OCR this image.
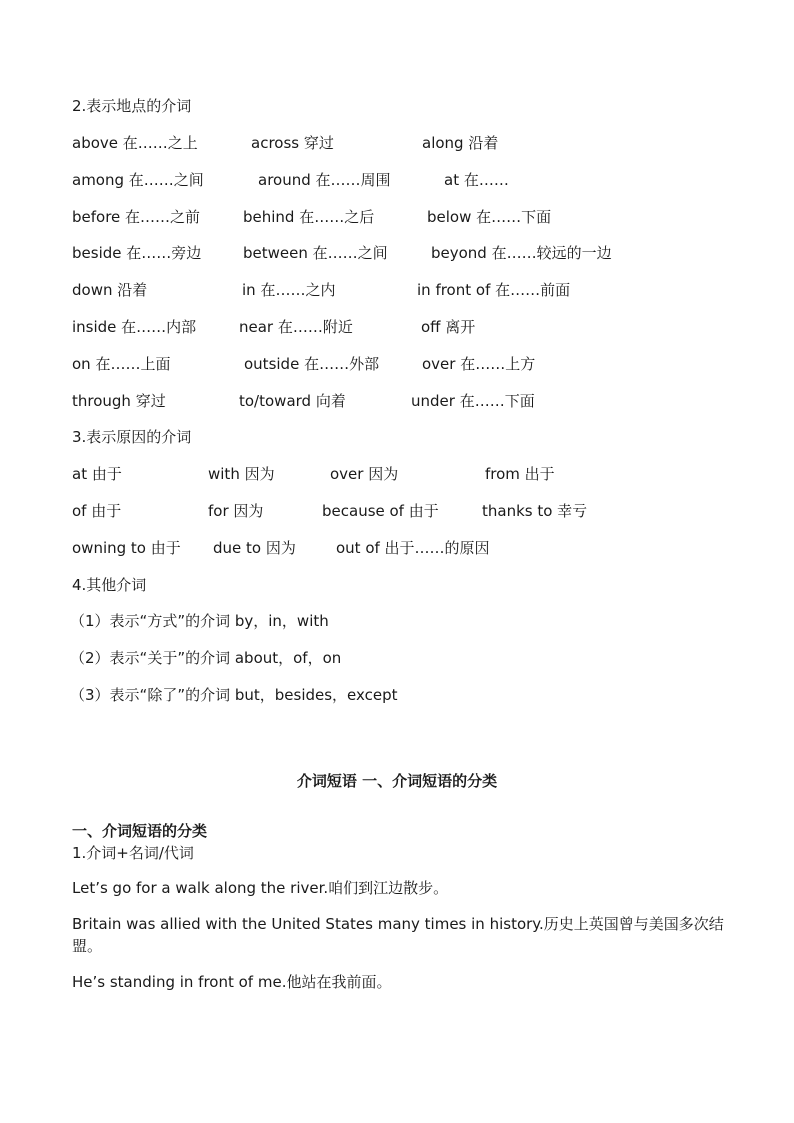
2.表示地点的介词
above 在……之上	across 穿过	along 沿着
among 在……之间	around 在……周围	at 在……
before 在……之前	behind 在……之后	below 在……下面
beside 在……旁边	between 在……之间	beyond 在……较远的一边
down 沿着	in 在……之内	in front of 在……前面
inside 在……内部	near 在……附近	off 离开
on 在……上面	outside 在……外部	over 在……上方
through 穿过	to/toward 向着	under 在……下面
3.表示原因的介词
at 由于	with 因为	over 因为	from 出于
of 由于	for 因为	because of 由于	thanks to 幸亏
owning to 由于 due to 因为	out of 出于……的原因
4.其他介词
（1）表示“方式”的介词 by，in，with
（2）表示“关于”的介词 about，of，on
（3）表示“除了”的介词 but，besides，except
介词短语 一、介词短语的分类
一、介词短语的分类
1.介词+名词/代词
Let’s go for a walk along the river.咱们到江边散步。
Britain was allied with the United States many times in history.历史上英国曾与美国多次结盟。
He’s standing in front of me.他站在我前面。
